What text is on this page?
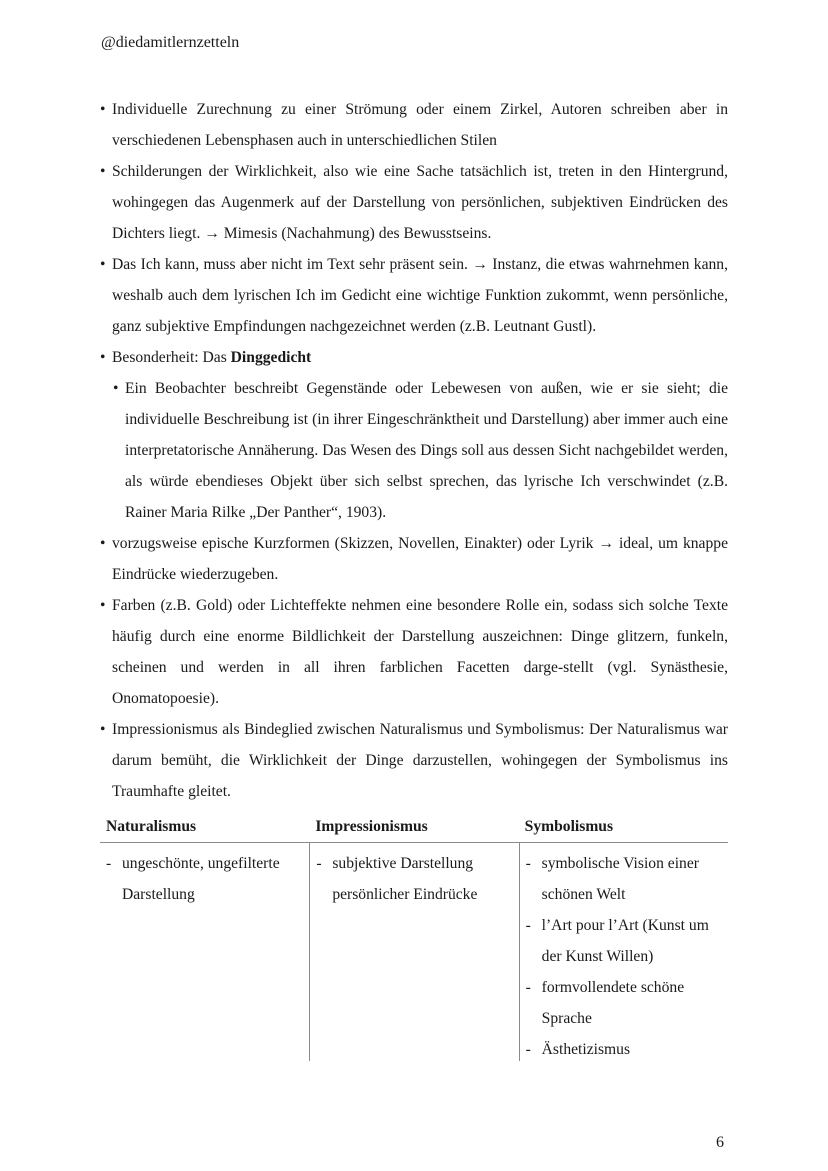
@diedamitlernzetteln
• Individuelle Zurechnung zu einer Strömung oder einem Zirkel, Autoren schreiben aber in verschiedenen Lebensphasen auch in unterschiedlichen Stilen
• Schilderungen der Wirklichkeit, also wie eine Sache tatsächlich ist, treten in den Hintergrund, wohingegen das Augenmerk auf der Darstellung von persönlichen, subjektiven Eindrücken des Dichters liegt. → Mimesis (Nachahmung) des Bewusstseins.
• Das Ich kann, muss aber nicht im Text sehr präsent sein. → Instanz, die etwas wahrnehmen kann, weshalb auch dem lyrischen Ich im Gedicht eine wichtige Funktion zukommt, wenn persönliche, ganz subjektive Empfindungen nachgezeichnet werden (z.B. Leutnant Gustl).
• Besonderheit: Das Dinggedicht
• Ein Beobachter beschreibt Gegenstände oder Lebewesen von außen, wie er sie sieht; die individuelle Beschreibung ist (in ihrer Eingeschränktheit und Darstellung) aber immer auch eine interpretatorische Annäherung. Das Wesen des Dings soll aus dessen Sicht nachgebildet werden, als würde ebendieses Objekt über sich selbst sprechen, das lyrische Ich verschwindet (z.B. Rainer Maria Rilke „Der Panther“, 1903).
• vorzugsweise epische Kurzformen (Skizzen, Novellen, Einakter) oder Lyrik → ideal, um knappe Eindrücke wiederzugeben.
• Farben (z.B. Gold) oder Lichteffekte nehmen eine besondere Rolle ein, sodass sich solche Texte häufig durch eine enorme Bildlichkeit der Darstellung auszeichnen: Dinge glitzern, funkeln, scheinen und werden in all ihren farblichen Facetten darge-stellt (vgl. Synästhesie, Onomatopoesie).
• Impressionismus als Bindeglied zwischen Naturalismus und Symbolismus: Der Naturalismus war darum bemüht, die Wirklichkeit der Dinge darzustellen, wohingegen der Symbolismus ins Traumhafte gleitet.
Naturalismus	Impressionismus	Symbolismus
- ungeschönte, ungefilterte Darstellung
- subjektive Darstellung persönlicher Eindrücke
- symbolische Vision einer schönen Welt
- l’Art pour l’Art (Kunst um der Kunst Willen)
- formvollendete schöne Sprache
- Ästhetizismus
6
